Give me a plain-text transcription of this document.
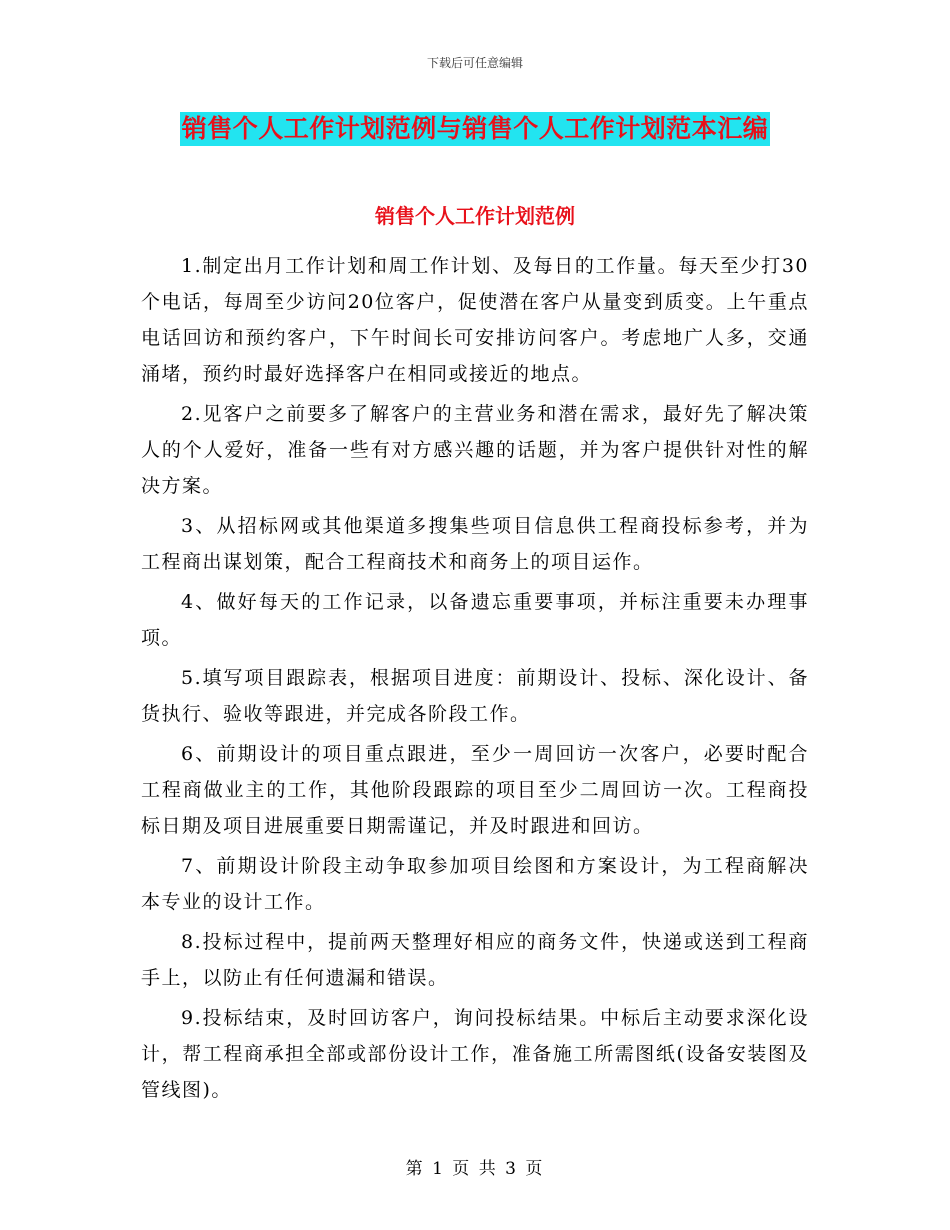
下载后可任意编辑
销售个人工作计划范例与销售个人工作计划范本汇编
销售个人工作计划范例

1.制定出月工作计划和周工作计划、及每日的工作量。每天至少打30个电话，每周至少访问20位客户，促使潜在客户从量变到质变。上午重点电话回访和预约客户，下午时间长可安排访问客户。考虑地广人多，交通涌堵，预约时最好选择客户在相同或接近的地点。

2.见客户之前要多了解客户的主营业务和潜在需求，最好先了解决策人的个人爱好，准备一些有对方感兴趣的话题，并为客户提供针对性的解决方案。

3、从招标网或其他渠道多搜集些项目信息供工程商投标参考，并为工程商出谋划策，配合工程商技术和商务上的项目运作。

4、做好每天的工作记录，以备遗忘重要事项，并标注重要未办理事项。

5.填写项目跟踪表，根据项目进度：前期设计、投标、深化设计、备货执行、验收等跟进，并完成各阶段工作。

6、前期设计的项目重点跟进，至少一周回访一次客户，必要时配合工程商做业主的工作，其他阶段跟踪的项目至少二周回访一次。工程商投标日期及项目进展重要日期需谨记，并及时跟进和回访。

7、前期设计阶段主动争取参加项目绘图和方案设计，为工程商解决本专业的设计工作。

8.投标过程中，提前两天整理好相应的商务文件，快递或送到工程商手上，以防止有任何遗漏和错误。

9.投标结束，及时回访客户，询问投标结果。中标后主动要求深化设计，帮工程商承担全部或部份设计工作，准备施工所需图纸(设备安装图及管线图)。

第 1 页 共 3 页
